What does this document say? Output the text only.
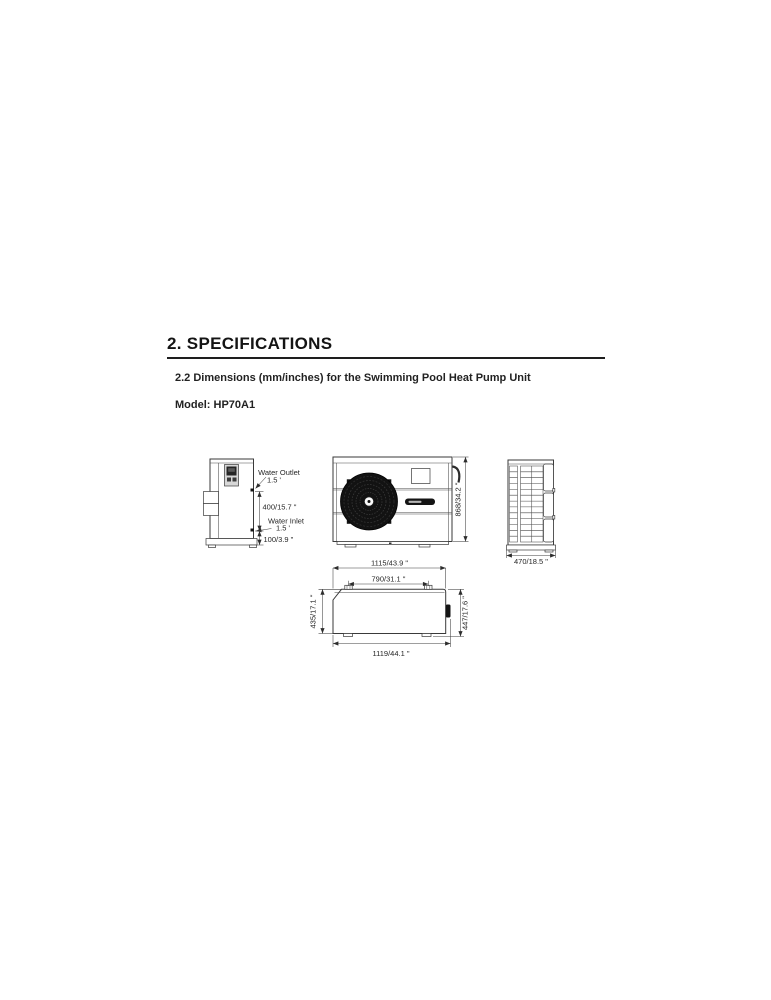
2. SPECIFICATIONS
2.2 Dimensions (mm/inches) for the Swimming Pool Heat Pump Unit
Model: HP70A1
Water Outlet
1.5 '
400/15.7 "
Water Inlet
1.5 '
100/3.9 "
868/34.2 "
470/18.5 "
1115/43.9 "
790/31.1 "
435/17.1 "	447/17.6 "
1119/44.1 "
